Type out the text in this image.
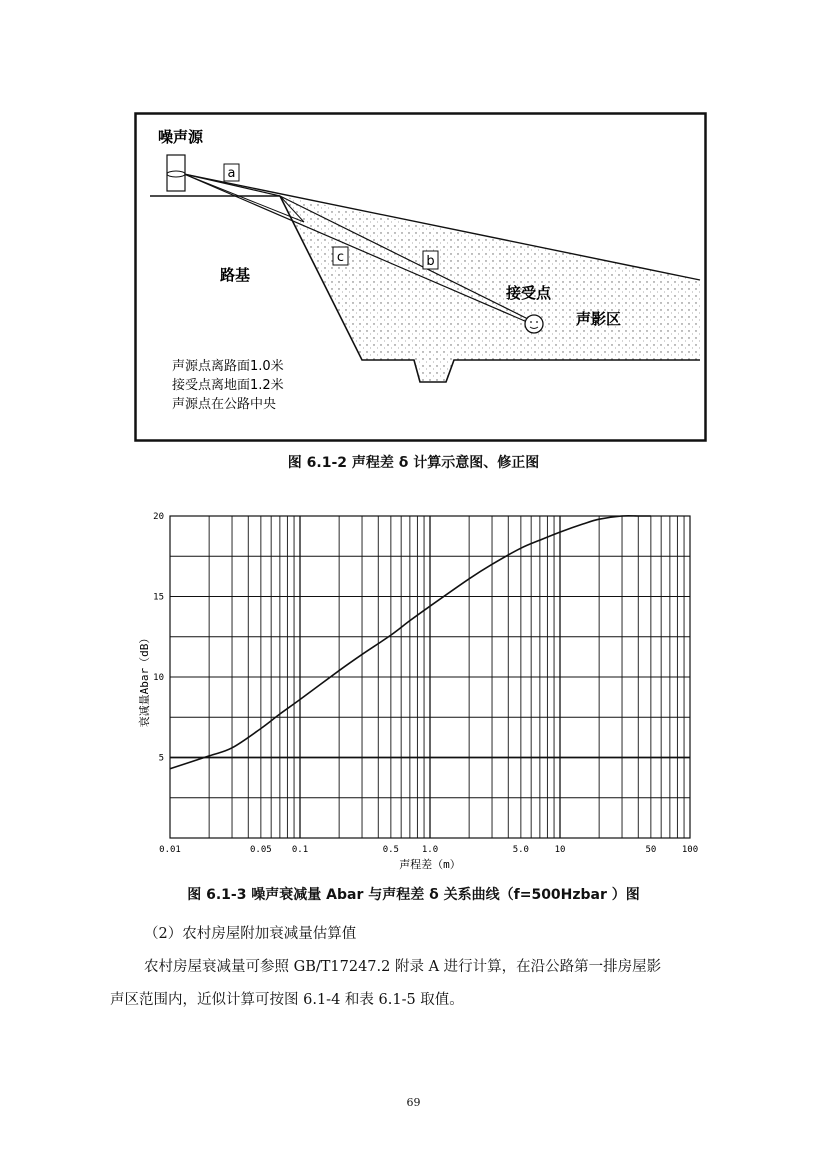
a
b
c
噪声源
路基
接受点
声影区
声源点离路面1.0米
接受点离地面1.2米
声源点在公路中央
图 6.1-2 声程差 δ 计算示意图、修正图
0.01	0.05 0.1	0.5	1.0	5.0	10	50	100
5
10
15
20
声程差（m）
衰减量Abar（dB）
图 6.1-3 噪声衰减量 Abar 与声程差 δ 关系曲线（f=500Hzbar ）图
（2）农村房屋附加衰减量估算值
农村房屋衰减量可参照 GB/T17247.2 附录 A 进行计算，在沿公路第一排房屋影
声区范围内，近似计算可按图 6.1-4 和表 6.1-5 取值。
69
